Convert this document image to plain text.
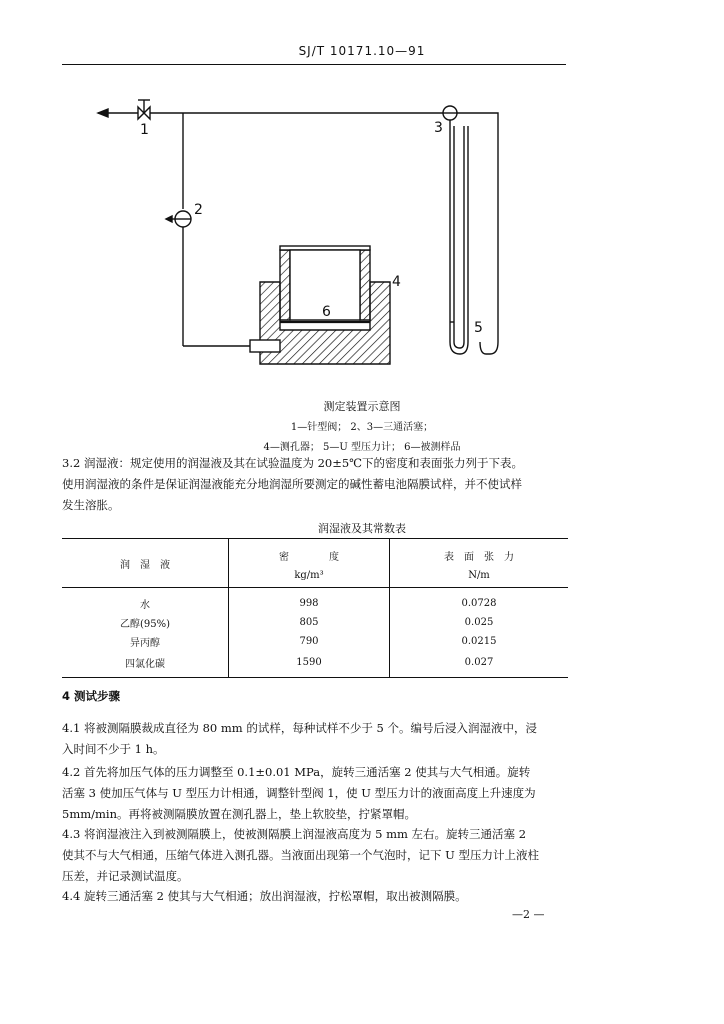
SJ/T 10171.10—91
1
2
3
4
5
6
测定装置示意图
1—针型阀； 2、3—三通活塞；
4—测孔器； 5—U 型压力计； 6—被测样品
3.2 润湿液：规定使用的润湿液及其在试验温度为 20±5℃下的密度和表面张力列于下表。
使用润湿液的条件是保证润湿液能充分地润湿所要测定的碱性蓄电池隔膜试样，并不使试样
发生溶胀。
润湿液及其常数表
润　湿　液	密　　　　度	表　面　张　力
	kg/m³	N/m
水	998	0.0728
乙醇(95%)	805	0.025
异丙醇	790	0.0215
四氯化碳	1590	0.027
4 测试步骤
4.1 将被测隔膜裁成直径为 80 mm 的试样，每种试样不少于 5 个。编号后浸入润湿液中，浸
入时间不少于 1 h。
4.2 首先将加压气体的压力调整至 0.1±0.01 MPa，旋转三通活塞 2 使其与大气相通。旋转
活塞 3 使加压气体与 U 型压力计相通，调整针型阀 1，使 U 型压力计的液面高度上升速度为
5mm/min。再将被测隔膜放置在测孔器上，垫上软胶垫，拧紧罩帽。
4.3 将润湿液注入到被测隔膜上，使被测隔膜上润湿液高度为 5 mm 左右。旋转三通活塞 2
使其不与大气相通，压缩气体进入测孔器。当液面出现第一个气泡时，记下 U 型压力计上液柱
压差，并记录测试温度。
4.4 旋转三通活塞 2 使其与大气相通；放出润湿液，拧松罩帽，取出被测隔膜。
—2 —
